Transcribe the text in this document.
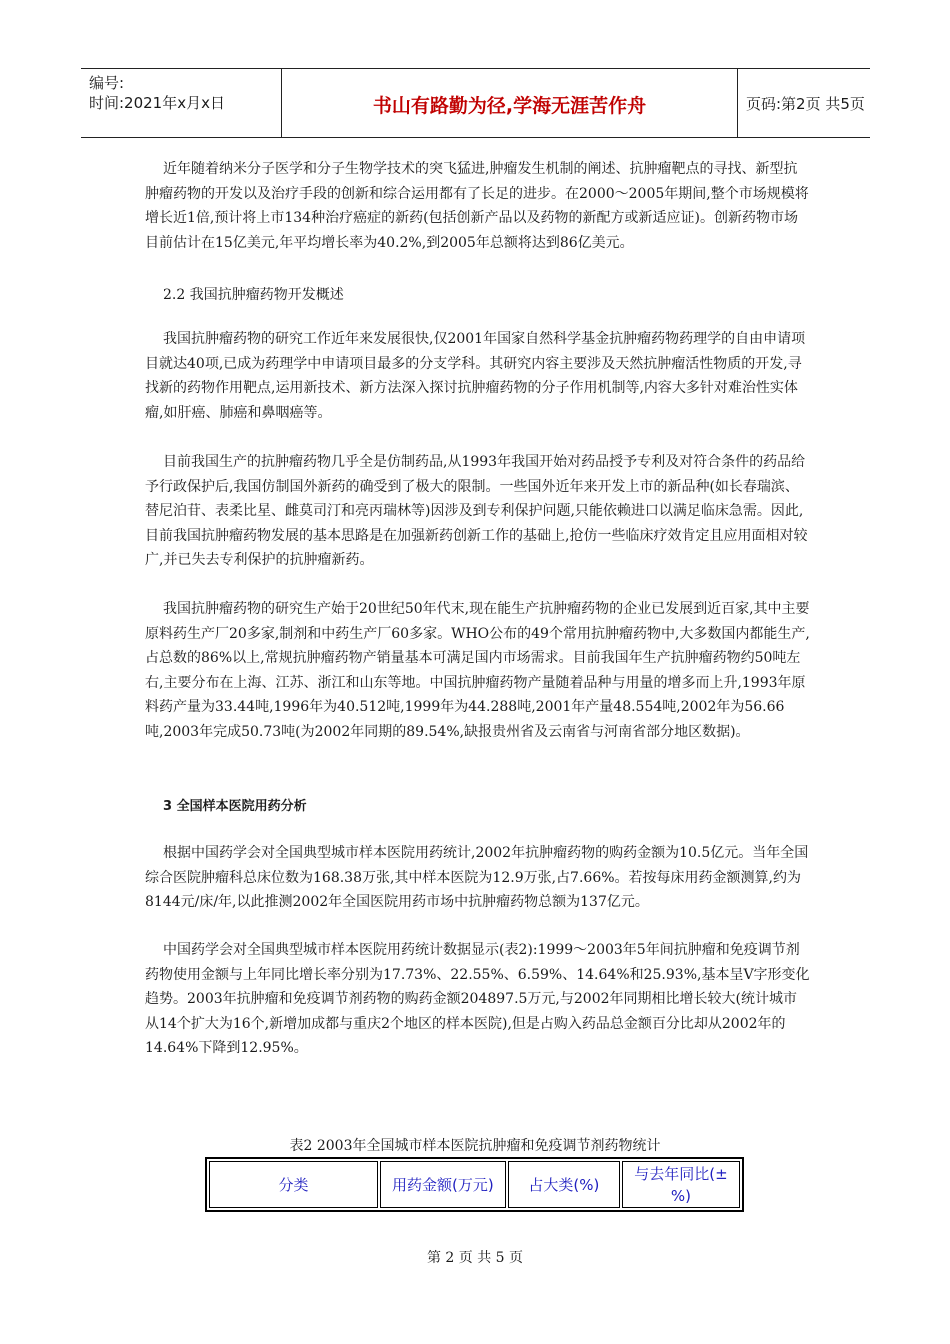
编号:
时间:2021年x月x日	书山有路勤为径,学海无涯苦作舟	页码:第2页 共5页

近年随着纳米分子医学和分子生物学技术的突飞猛进,肿瘤发生机制的阐述、抗肿瘤靶点的寻找、新型抗肿瘤药物的开发以及治疗手段的创新和综合运用都有了长足的进步。在2000～2005年期间,整个市场规模将增长近1倍,预计将上市134种治疗癌症的新药(包括创新产品以及药物的新配方或新适应证)。创新药物市场目前估计在15亿美元,年平均增长率为40.2%,到2005年总额将达到86亿美元。

2.2 我国抗肿瘤药物开发概述

我国抗肿瘤药物的研究工作近年来发展很快,仅2001年国家自然科学基金抗肿瘤药物药理学的自由申请项目就达40项,已成为药理学中申请项目最多的分支学科。其研究内容主要涉及天然抗肿瘤活性物质的开发,寻找新的药物作用靶点,运用新技术、新方法深入探讨抗肿瘤药物的分子作用机制等,内容大多针对难治性实体瘤,如肝癌、肺癌和鼻咽癌等。

目前我国生产的抗肿瘤药物几乎全是仿制药品,从1993年我国开始对药品授予专利及对符合条件的药品给予行政保护后,我国仿制国外新药的确受到了极大的限制。一些国外近年来开发上市的新品种(如长春瑞滨、替尼泊苷、表柔比星、雌莫司汀和亮丙瑞林等)因涉及到专利保护问题,只能依赖进口以满足临床急需。因此,目前我国抗肿瘤药物发展的基本思路是在加强新药创新工作的基础上,抢仿一些临床疗效肯定且应用面相对较广,并已失去专利保护的抗肿瘤新药。

我国抗肿瘤药物的研究生产始于20世纪50年代末,现在能生产抗肿瘤药物的企业已发展到近百家,其中主要原料药生产厂20多家,制剂和中药生产厂60多家。WHO公布的49个常用抗肿瘤药物中,大多数国内都能生产,占总数的86%以上,常规抗肿瘤药物产销量基本可满足国内市场需求。目前我国年生产抗肿瘤药物约50吨左右,主要分布在上海、江苏、浙江和山东等地。中国抗肿瘤药物产量随着品种与用量的增多而上升,1993年原料药产量为33.44吨,1996年为40.512吨,1999年为44.288吨,2001年产量48.554吨,2002年为56.66吨,2003年完成50.73吨(为2002年同期的89.54%,缺报贵州省及云南省与河南省部分地区数据)。

3 全国样本医院用药分析

根据中国药学会对全国典型城市样本医院用药统计,2002年抗肿瘤药物的购药金额为10.5亿元。当年全国综合医院肿瘤科总床位数为168.38万张,其中样本医院为12.9万张,占7.66%。若按每床用药金额测算,约为8144元/床/年,以此推测2002年全国医院用药市场中抗肿瘤药物总额为137亿元。

中国药学会对全国典型城市样本医院用药统计数据显示(表2):1999～2003年5年间抗肿瘤和免疫调节剂药物使用金额与上年同比增长率分别为17.73%、22.55%、6.59%、14.64%和25.93%,基本呈V字形变化趋势。2003年抗肿瘤和免疫调节剂药物的购药金额204897.5万元,与2002年同期相比增长较大(统计城市从14个扩大为16个,新增加成都与重庆2个地区的样本医院),但是占购入药品总金额百分比却从2002年的14.64%下降到12.95%。

表2 2003年全国城市样本医院抗肿瘤和免疫调节剂药物统计
分类	用药金额(万元)	占大类(%)	与去年同比(±%)
第 2 页 共 5 页
